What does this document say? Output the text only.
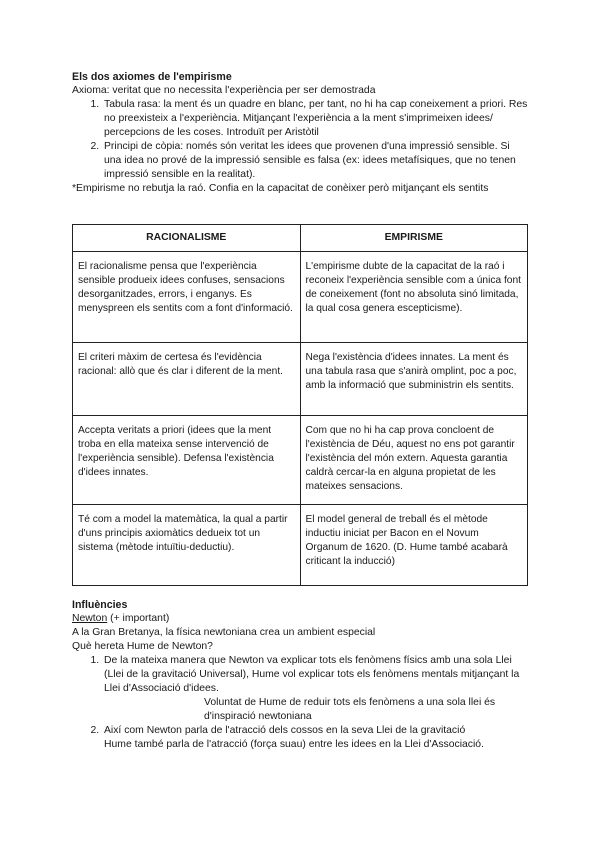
Els dos axiomes de l'empirisme

Axioma: veritat que no necessita l'experiència per ser demostrada

1. Tabula rasa: la ment és un quadre en blanc, per tant, no hi ha cap coneixement a priori. Res no preexisteix a l'experiència. Mitjançant l'experiència a la ment s'imprimeixen idees/ percepcions de les coses. Introduït per Aristòtil
2. Principi de còpia: només són veritat les idees que provenen d'una impressió sensible. Si una idea no prové de la impressió sensible es falsa (ex: idees metafísiques, que no tenen impressió sensible en la realitat).

*Empirisme no rebutja la raó. Confia en la capacitat de conèixer però mitjançant els sentits

RACIONALISME	EMPIRISME
El racionalisme pensa que l'experiència sensible produeix idees confuses, sensacions desorganitzades, errors, i enganys. Es menyspreen els sentits com a font d'informació.	L'empirisme dubte de la capacitat de la raó i reconeix l'experiència sensible com a única font de coneixement (font no absoluta sinó limitada, la qual cosa genera escepticisme).
El criteri màxim de certesa és l'evidència racional: allò que és clar i diferent de la ment.	Nega l'existència d'idees innates. La ment és una tabula rasa que s'anirà omplint, poc a poc, amb la informació que subministrin els sentits.
Accepta veritats a priori (idees que la ment troba en ella mateixa sense intervenció de l'experiència sensible). Defensa l'existència d'idees innates.	Com que no hi ha cap prova concloent de l'existència de Déu, aquest no ens pot garantir l'existència del món extern. Aquesta garantia caldrà cercar-la en alguna propietat de les mateixes sensacions.
Té com a model la matemàtica, la qual a partir d'uns principis axiomàtics dedueix tot un sistema (mètode intuïtiu-deductiu).	El model general de treball és el mètode inductiu iniciat per Bacon en el Novum Organum de 1620. (D. Hume també acabarà criticant la inducció)

Influències

Newton (+ important)

A la Gran Bretanya, la física newtoniana crea un ambient especial

Què hereta Hume de Newton?

1. De la mateixa manera que Newton va explicar tots els fenòmens físics amb una sola Llei (Llei de la gravitació Universal), Hume vol explicar tots els fenòmens mentals mitjançant la Llei d'Associació d'idees.
Voluntat de Hume de reduir tots els fenòmens a una sola llei és d'inspiració newtoniana
2. Així com Newton parla de l'atracció dels cossos en la seva Llei de la gravitació

Hume també parla de l'atracció (força suau) entre les idees en la Llei d'Associació.
